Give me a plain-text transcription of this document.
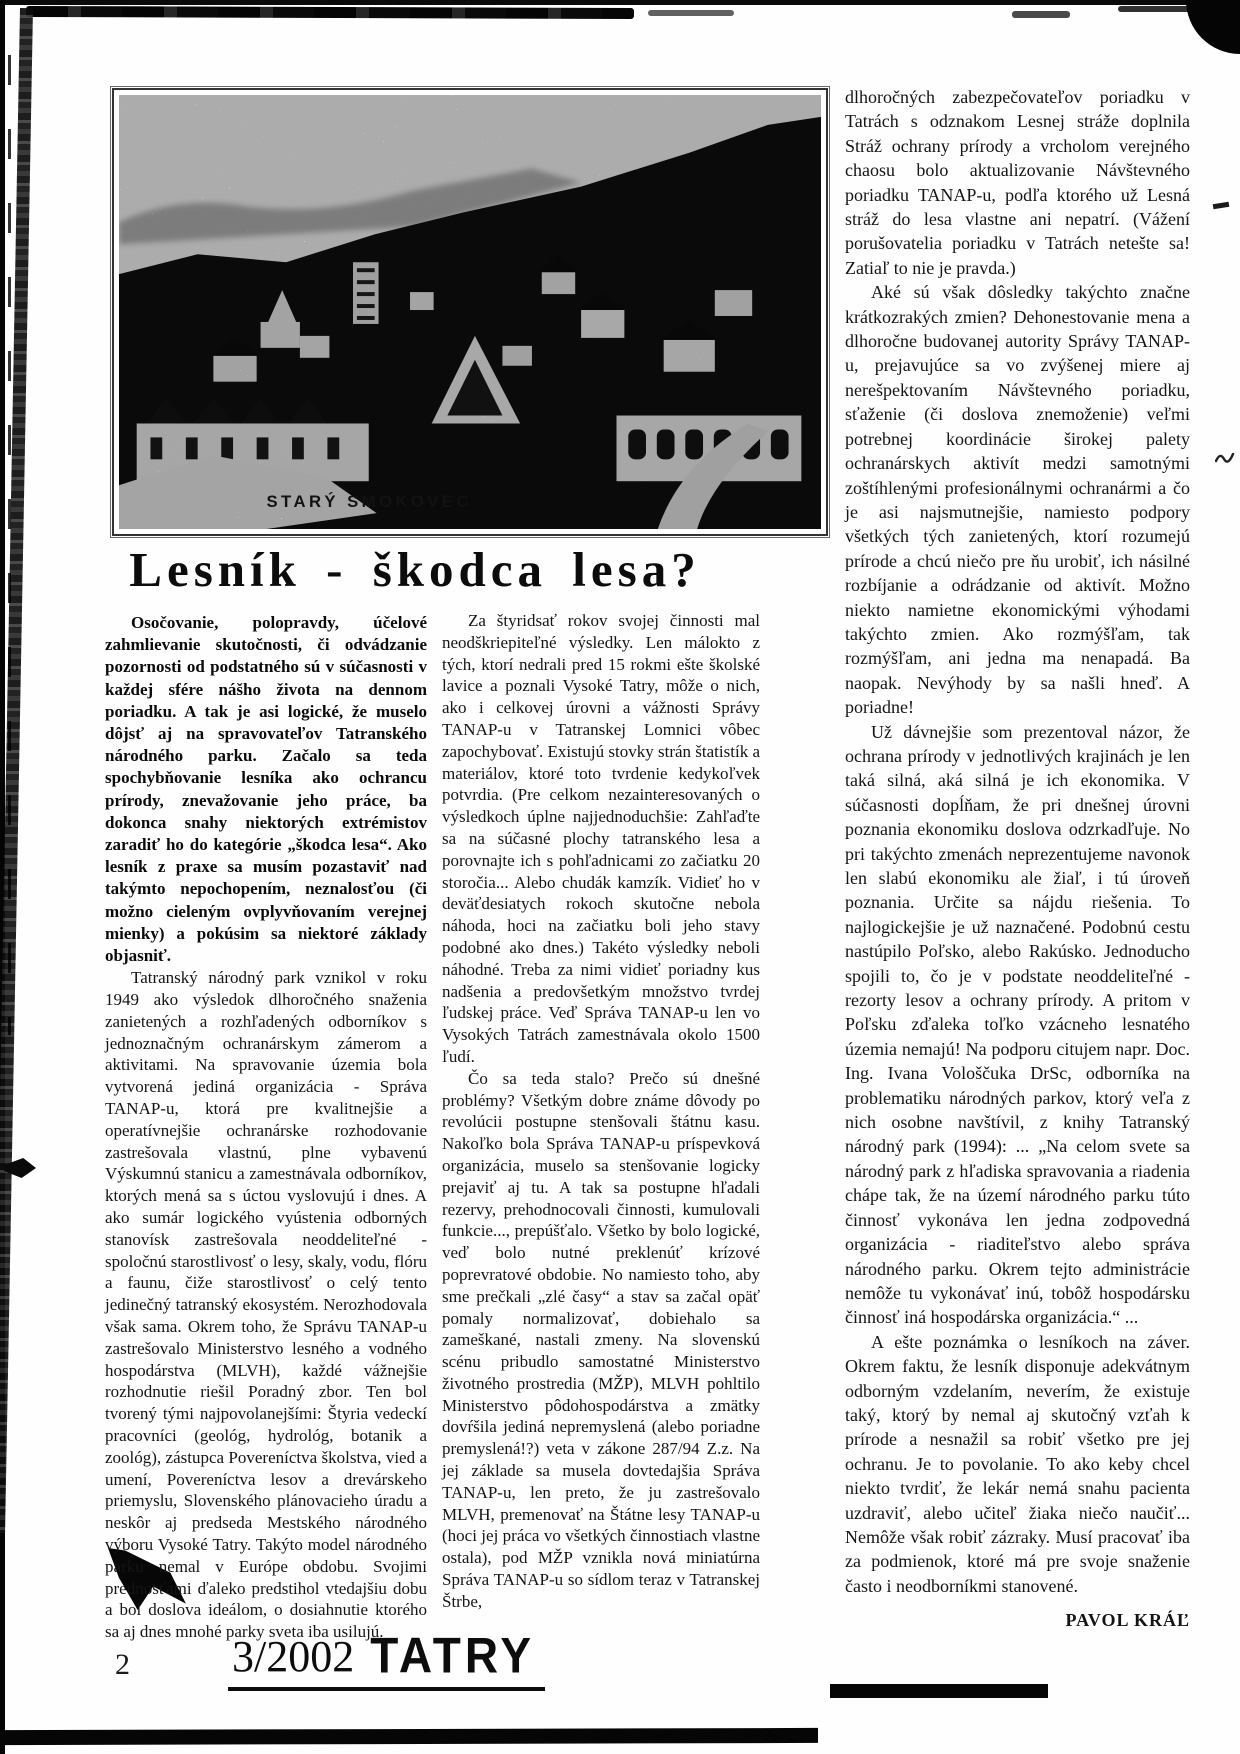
STARÝ SMOKOVEC
Lesník - škodca lesa?

Osočovanie, polopravdy, účelové zahmlievanie skutočnosti, či odvádzanie pozornosti od podstatného sú v súčasnosti v každej sfére nášho života na dennom poriadku. A tak je asi logické, že muselo dôjsť aj na spravovateľov Tatranského národného parku. Začalo sa teda spochybňovanie lesníka ako ochrancu prírody, znevažovanie jeho práce, ba dokonca snahy niektorých extrémistov zaradiť ho do kategórie „škodca lesa“. Ako lesník z praxe sa musím pozastaviť nad takýmto nepochopením, neznalosťou (či možno cieleným ovplyvňovaním verejnej mienky) a pokúsim sa niektoré základy objasniť.

Tatranský národný park vznikol v roku 1949 ako výsledok dlhoročného snaženia zanietených a rozhľadených odborníkov s jednoznačným ochranárskym zámerom a aktivitami. Na spravovanie územia bola vytvorená jediná organizácia - Správa TANAP-u, ktorá pre kvalitnejšie a operatívnejšie ochranárske rozhodovanie zastrešovala vlastnú, plne vybavenú Výskumnú stanicu a zamestnávala odborníkov, ktorých mená sa s úctou vyslovujú i dnes. A ako sumár logického vyústenia odborných stanovísk zastrešovala neoddeliteľné - spoločnú starostlivosť o lesy, skaly, vodu, flóru a faunu, čiže starostlivosť o celý tento jedinečný tatranský ekosystém. Nerozhodovala však sama. Okrem toho, že Správu TANAP-u zastrešovalo Ministerstvo lesného a vodného hospodárstva (MLVH), každé vážnejšie rozhodnutie riešil Poradný zbor. Ten bol tvorený tými najpovolanejšími: Štyria vedeckí pracovníci (geológ, hydrológ, botanik a zoológ), zástupca Povereníctva školstva, vied a umení, Povereníctva lesov a drevárskeho priemyslu, Slovenského plánovacieho úradu a neskôr aj predseda Mestského národného výboru Vysoké Tatry. Takýto model národného parku nemal v Európe obdobu. Svojimi prednosťami ďaleko predstihol vtedajšiu dobu a bol doslova ideálom, o dosiahnutie ktorého sa aj dnes mnohé parky sveta iba usilujú.

Za štyridsať rokov svojej činnosti mal neodškriepiteľné výsledky. Len málokto z tých, ktorí nedrali pred 15 rokmi ešte školské lavice a poznali Vysoké Tatry, môže o nich, ako i celkovej úrovni a vážnosti Správy TANAP-u v Tatranskej Lomnici vôbec zapochybovať. Existujú stovky strán štatistík a materiálov, ktoré toto tvrdenie kedykoľvek potvrdia. (Pre celkom nezainteresovaných o výsledkoch úplne najjednoduchšie: Zahľaďte sa na súčasné plochy tatranského lesa a porovnajte ich s pohľadnicami zo začiatku 20 storočia... Alebo chudák kamzík. Vidieť ho v deväťdesiatych rokoch skutočne nebola náhoda, hoci na začiatku boli jeho stavy podobné ako dnes.) Takéto výsledky neboli náhodné. Treba za nimi vidieť poriadny kus nadšenia a predovšetkým množstvo tvrdej ľudskej práce. Veď Správa TANAP-u len vo Vysokých Tatrách zamestnávala okolo 1500 ľudí.

Čo sa teda stalo? Prečo sú dnešné problémy? Všetkým dobre známe dôvody po revolúcii postupne stenšovali štátnu kasu. Nakoľko bola Správa TANAP-u príspevková organizácia, muselo sa stenšovanie logicky prejaviť aj tu. A tak sa postupne hľadali rezervy, prehodnocovali činnosti, kumulovali funkcie..., prepúšťalo. Všetko by bolo logické, veď bolo nutné preklenúť krízové poprevratové obdobie. No namiesto toho, aby sme prečkali „zlé časy“ a stav sa začal opäť pomaly normalizovať, dobiehalo sa zameškané, nastali zmeny. Na slovenskú scénu pribudlo samostatné Ministerstvo životného prostredia (MŽP), MLVH pohltilo Ministerstvo pôdohospodárstva a zmätky dovŕšila jediná nepremyslená (alebo poriadne premyslená!?) veta v zákone 287/94 Z.z. Na jej základe sa musela dovtedajšia Správa TANAP-u, len preto, že ju zastrešovalo MLVH, premenovať na Štátne lesy TANAP-u (hoci jej práca vo všetkých činnostiach vlastne ostala), pod MŽP vznikla nová miniatúrna Správa TANAP-u so sídlom teraz v Tatranskej Štrbe,

dlhoročných zabezpečovateľov poriadku v Tatrách s odznakom Lesnej stráže doplnila Stráž ochrany prírody a vrcholom verejného chaosu bolo aktualizovanie Návštevného poriadku TANAP-u, podľa ktorého už Lesná stráž do lesa vlastne ani nepatrí. (Vážení porušovatelia poriadku v Tatrách netešte sa! Zatiaľ to nie je pravda.)

Aké sú však dôsledky takýchto značne krátkozrakých zmien? Dehonestovanie mena a dlhoročne budovanej autority Správy TANAP-u, prejavujúce sa vo zvýšenej miere aj nerešpektovaním Návštevného poriadku, sťaženie (či doslova znemoženie) veľmi potrebnej koordinácie širokej palety ochranárskych aktivít medzi samotnými zoštíhlenými profesionálnymi ochranármi a čo je asi najsmutnejšie, namiesto podpory všetkých tých zanietených, ktorí rozumejú prírode a chcú niečo pre ňu urobiť, ich násilné rozbíjanie a odrádzanie od aktivít. Možno niekto namietne ekonomickými výhodami takýchto zmien. Ako rozmýšľam, tak rozmýšľam, ani jedna ma nenapadá. Ba naopak. Nevýhody by sa našli hneď. A poriadne!

Už dávnejšie som prezentoval názor, že ochrana prírody v jednotlivých krajinách je len taká silná, aká silná je ich ekonomika. V súčasnosti dopĺňam, že pri dnešnej úrovni poznania ekonomiku doslova odzrkadľuje. No pri takýchto zmenách neprezentujeme navonok len slabú ekonomiku ale žiaľ, i tú úroveň poznania. Určite sa nájdu riešenia. To najlogickejšie je už naznačené. Podobnú cestu nastúpilo Poľsko, alebo Rakúsko. Jednoducho spojili to, čo je v podstate neoddeliteľné - rezorty lesov a ochrany prírody. A pritom v Poľsku zďaleka toľko vzácneho lesnatého územia nemajú! Na podporu citujem napr. Doc. Ing. Ivana Vološčuka DrSc, odborníka na problematiku národných parkov, ktorý veľa z nich osobne navštívil, z knihy Tatranský národný park (1994): ... „Na celom svete sa národný park z hľadiska spravovania a riadenia chápe tak, že na území národného parku túto činnosť vykonáva len jedna zodpovedná organizácia - riaditeľstvo alebo správa národného parku. Okrem tejto administrácie nemôže tu vykonávať inú, tobôž hospodársku činnosť iná hospodárska organizácia.“ ...

A ešte poznámka o lesníkoch na záver. Okrem faktu, že lesník disponuje adekvátnym odborným vzdelaním, neverím, že existuje taký, ktorý by nemal aj skutočný vzťah k prírode a nesnažil sa robiť všetko pre jej ochranu. Je to povolanie. To ako keby chcel niekto tvrdiť, že lekár nemá snahu pacienta uzdraviť, alebo učiteľ žiaka niečo naučiť... Nemôže však robiť zázraky. Musí pracovať iba za podmienok, ktoré má pre svoje snaženie často i neodborníkmi stanovené.

PAVOL KRÁĽ

2 3/2002 TATRY
